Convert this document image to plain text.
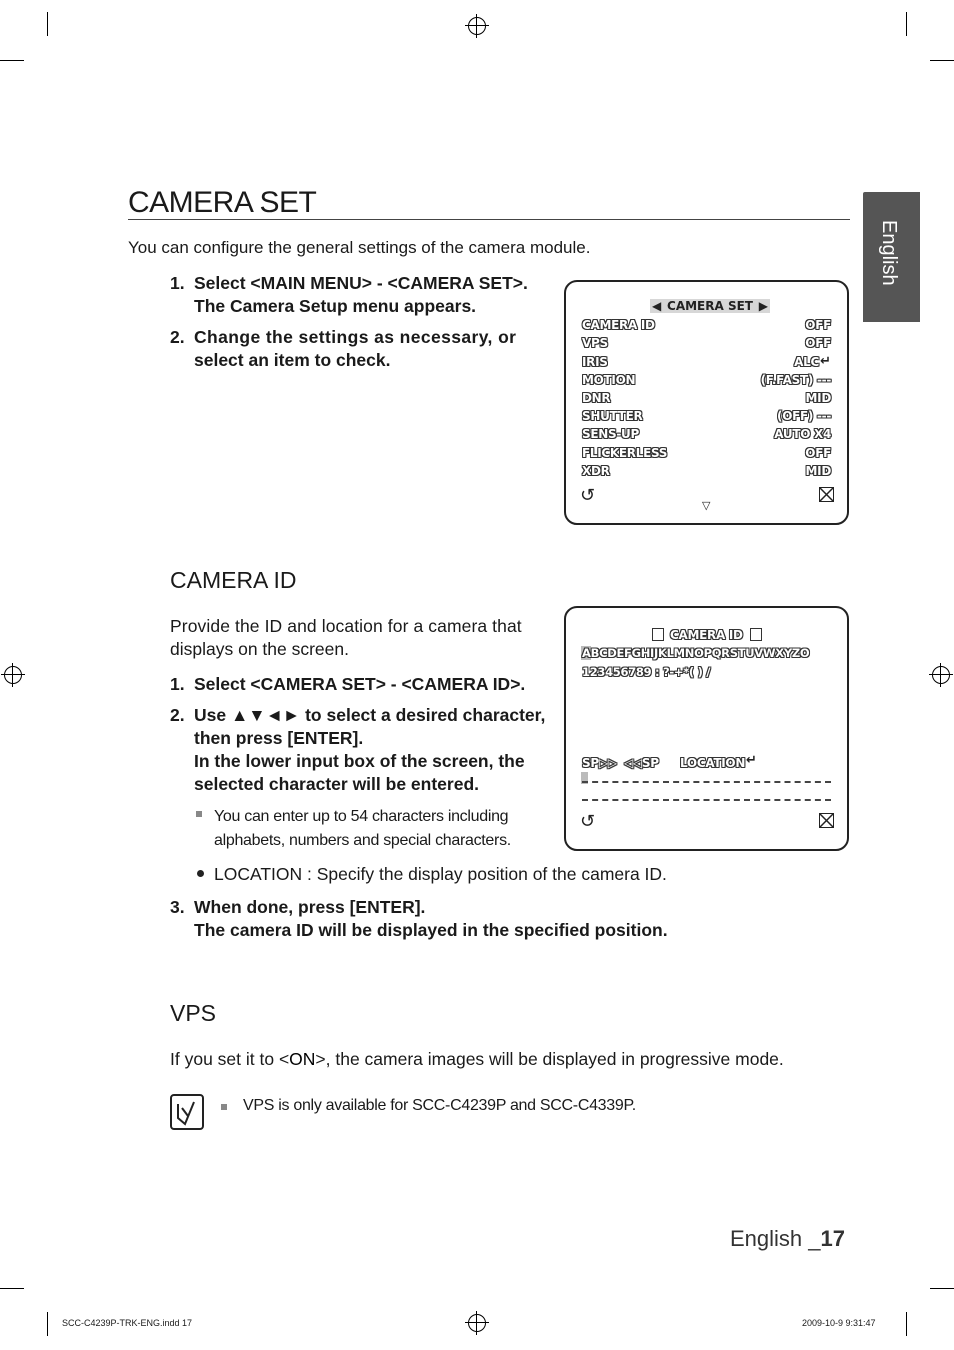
English
CAMERA SET
You can configure the general settings of the camera module.
1. Select <MAIN MENU> - <CAMERA SET>.
The Camera Setup menu appears.
2. Change the settings as necessary, or
select an item to check.
◀ CAMERA SET ▶
CAMERA ID	OFF
VPS	OFF
IRIS	ALC ↵
MOTION	(F.FAST) ---
DNR	MID
SHUTTER	(OFF) ---
SENS-UP	AUTO X4
FLICKERLESS	OFF
XDR	MID
↺	▽
CAMERA ID
Provide the ID and location for a camera that
displays on the screen.
1. Select <CAMERA SET> - <CAMERA ID>.
2. Use ▲▼◄► to select a desired character,
then press [ENTER].
In the lower input box of the screen, the
selected character will be entered.
You can enter up to 54 characters including
alphabets, numbers and special characters.
LOCATION : Specify the display position of the camera ID.
3. When done, press [ENTER].
The camera ID will be displayed in the specified position.
CAMERA ID
ABCDEFGHIJKLMNOPQRSTUVWXYZO
123456789 : ?-+*( ) /
SP▷▷ ◁◁SP LOCATION ↵
↺
VPS
If you set it to <ON>, the camera images will be displayed in progressive mode.
VPS is only available for SCC-C4239P and SCC-C4339P.
English _17
SCC-C4239P-TRK-ENG.indd 17	2009-10-9 9:31:47
